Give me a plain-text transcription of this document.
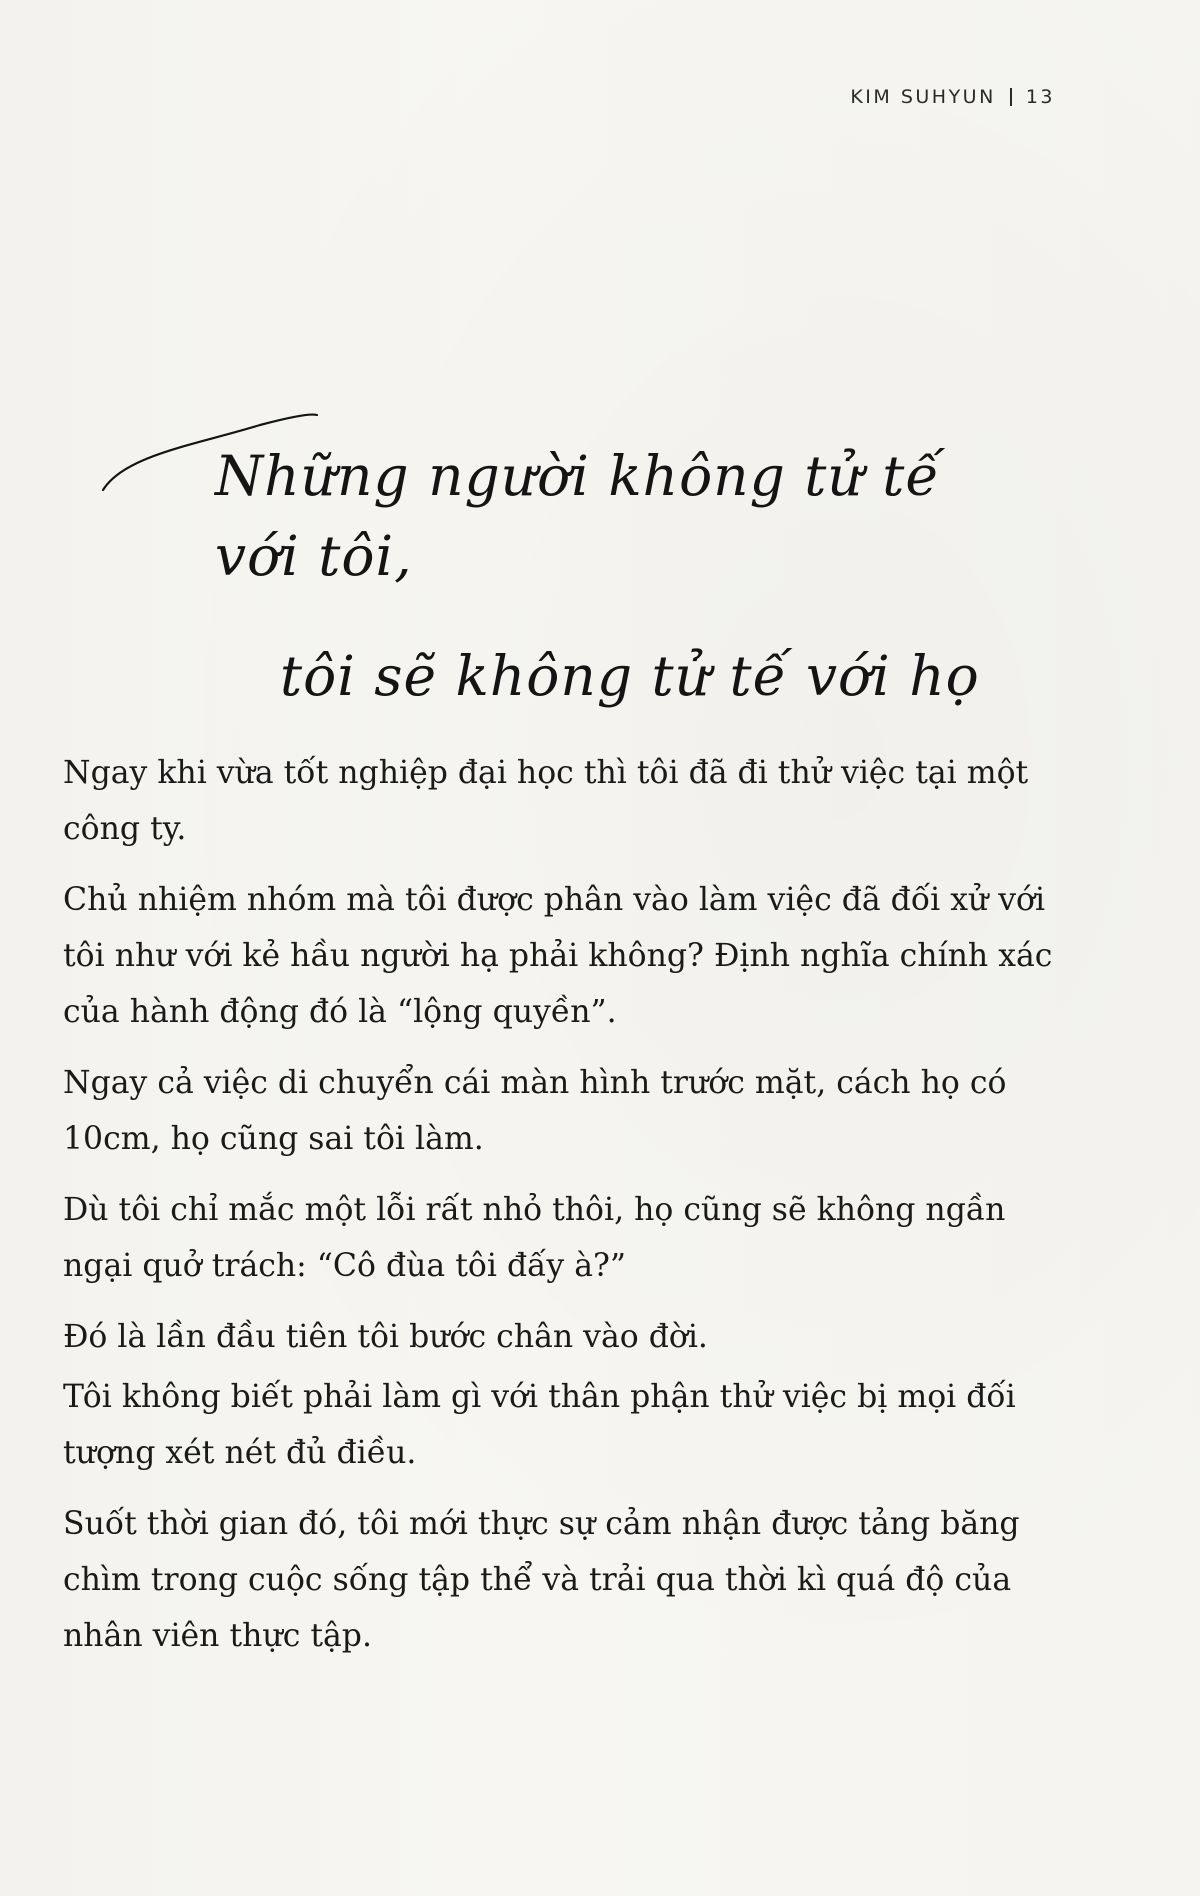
KIM SUHYUN 13
Những người không tử tế với tôi,
tôi sẽ không tử tế với họ

Ngay khi vừa tốt nghiệp đại học thì tôi đã đi thử việc tại một công ty.

Chủ nhiệm nhóm mà tôi được phân vào làm việc đã đối xử với tôi như với kẻ hầu người hạ phải không? Định nghĩa chính xác của hành động đó là “lộng quyền”.

Ngay cả việc di chuyển cái màn hình trước mặt, cách họ có 10cm, họ cũng sai tôi làm.

Dù tôi chỉ mắc một lỗi rất nhỏ thôi, họ cũng sẽ không ngần ngại quở trách: “Cô đùa tôi đấy à?”

Đó là lần đầu tiên tôi bước chân vào đời.

Tôi không biết phải làm gì với thân phận thử việc bị mọi đối tượng xét nét đủ điều.

Suốt thời gian đó, tôi mới thực sự cảm nhận được tảng băng chìm trong cuộc sống tập thể và trải qua thời kì quá độ của nhân viên thực tập.
